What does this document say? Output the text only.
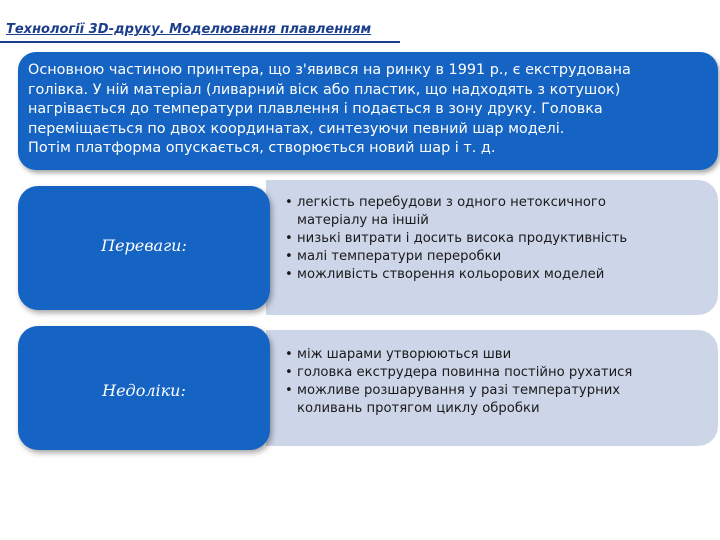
Технології 3D-друку. Моделювання плавленням
Основною частиною принтера, що з'явився на ринку в 1991 р., є екструдована
голівка. У ній матеріал (ливарний віск або пластик, що надходять з котушок)
нагрівається до температури плавлення і подається в зону друку. Головка
переміщається по двох координатах, синтезуючи певний шар моделі.
Потім платформа опускається, створюється новий шар і т. д.
Переваги:
• легкість перебудови з одного нетоксичного
матеріалу на іншій
• низькі витрати і досить висока продуктивність
• малі температури переробки
• можливість створення кольорових моделей
Недоліки:
• між шарами утворюються шви
• головка екструдера повинна постійно рухатися
• можливе розшарування у разі температурних
коливань протягом циклу обробки
